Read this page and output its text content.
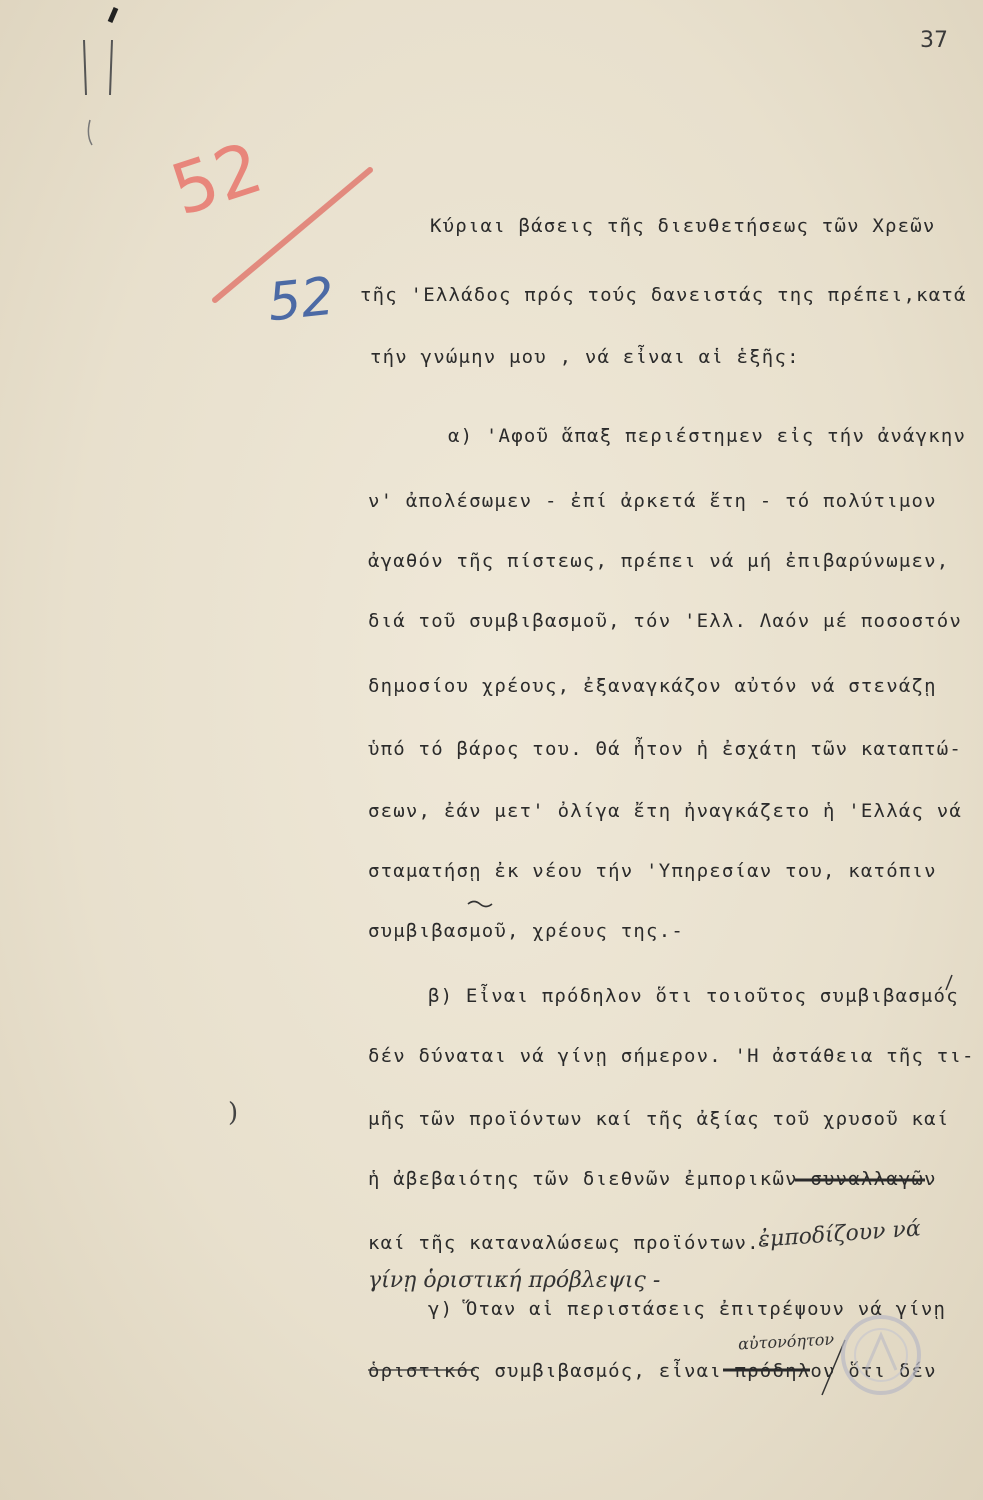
37
52
52
)
Κύριαι βάσεις τῆς διευθετήσεως τῶν Χρεῶν
τῆς 'Ελλάδος πρός τούς δανειστάς της πρέπει,κατά
τήν γνώμην μου , νά εἶναι αἱ ἑξῆς:
α) 'Αφοῦ ἅπαξ περιέστημεν εἰς τήν ἀνάγκην
ν' ἀπολέσωμεν - ἐπί ἀρκετά ἔτη - τό πολύτιμον
ἀγαθόν τῆς πίστεως, πρέπει νά μή ἐπιβαρύνωμεν,
διά τοῦ συμβιβασμοῦ, τόν 'Ελλ. Λαόν μέ ποσοστόν
δημοσίου χρέους, ἐξαναγκάζον αὐτόν νά στενάζῃ
ὑπό τό βάρος του. Θά ἦτον ἡ ἐσχάτη τῶν καταπτώ-
σεων, ἐάν μετ' ὀλίγα ἔτη ἠναγκάζετο ἡ 'Ελλάς νά
σταματήσῃ ἐκ νέου τήν 'Υπηρεσίαν του, κατόπιν
συμβιβασμοῦ, χρέους της.-
β) Εἶναι πρόδηλον ὅτι τοιοῦτος συμβιβασμός
δέν δύναται νά γίνῃ σήμερον. 'Η ἀστάθεια τῆς τι-
μῆς τῶν προϊόντων καί τῆς ἀξίας τοῦ χρυσοῦ καί
ἡ ἀβεβαιότης τῶν διεθνῶν ἐμπορικῶν συναλλαγῶν
καί τῆς καταναλώσεως προϊόντων.-
γ) Ὅταν αἱ περιστάσεις ἐπιτρέψουν νά γίνῃ
ὁριστικός συμβιβασμός, εἶναι πρόδηλον ὅτι δέν
ἐμποδίζουν νά
γίνῃ ὁριστική πρόβλεψις -
αὐτονόητον
